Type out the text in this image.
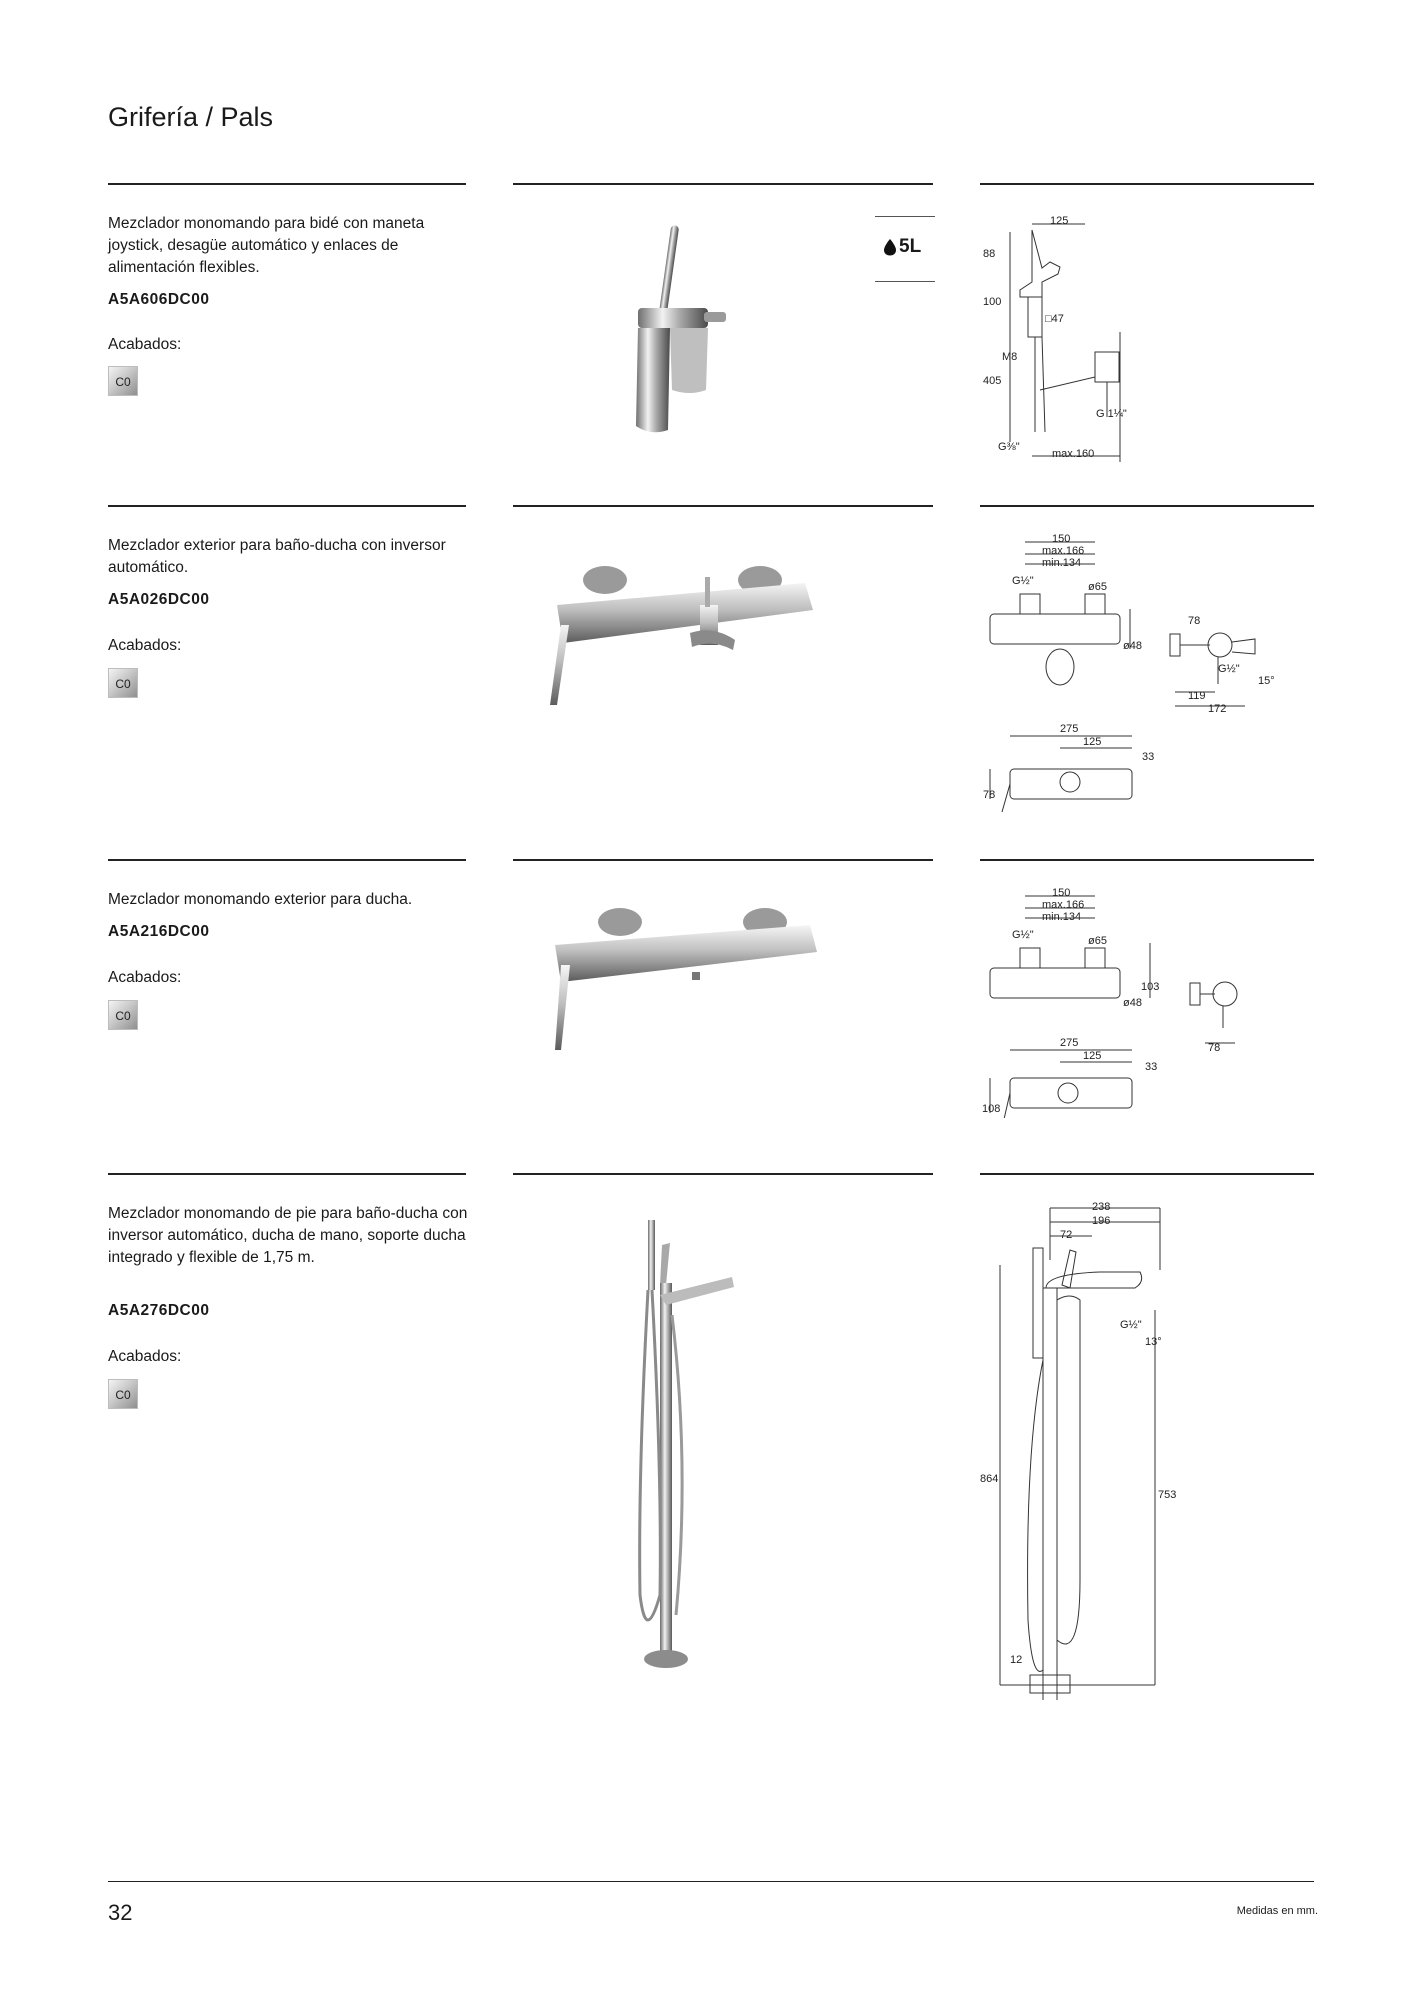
Grifería / Pals

Mezclador monomando para bidé con maneta joystick, desagüe automático y enlaces de alimentación flexibles.

A5A606DC00
Acabados:
C0
5L
125
88
100
□47
M8
405
G 1¼"
G⅜"
max.160

Mezclador exterior para baño-ducha con inversor automático.

A5A026DC00
Acabados:
C0
150
max.166
min.134
G½"	ø65
ø48
78
G½"
15°
119
172
275
125
33
78

Mezclador monomando exterior para ducha.

A5A216DC00
Acabados:
C0
150
max.166
min.134
G½"	ø65
103
ø48
78
275
125
33
108

Mezclador monomando de pie para baño-ducha con inversor automático, ducha de mano, soporte ducha integrado y flexible de 1,75 m.

A5A276DC00
Acabados:
C0
238
196
72
G½"
13°
864
753
12
32	Medidas en mm.
